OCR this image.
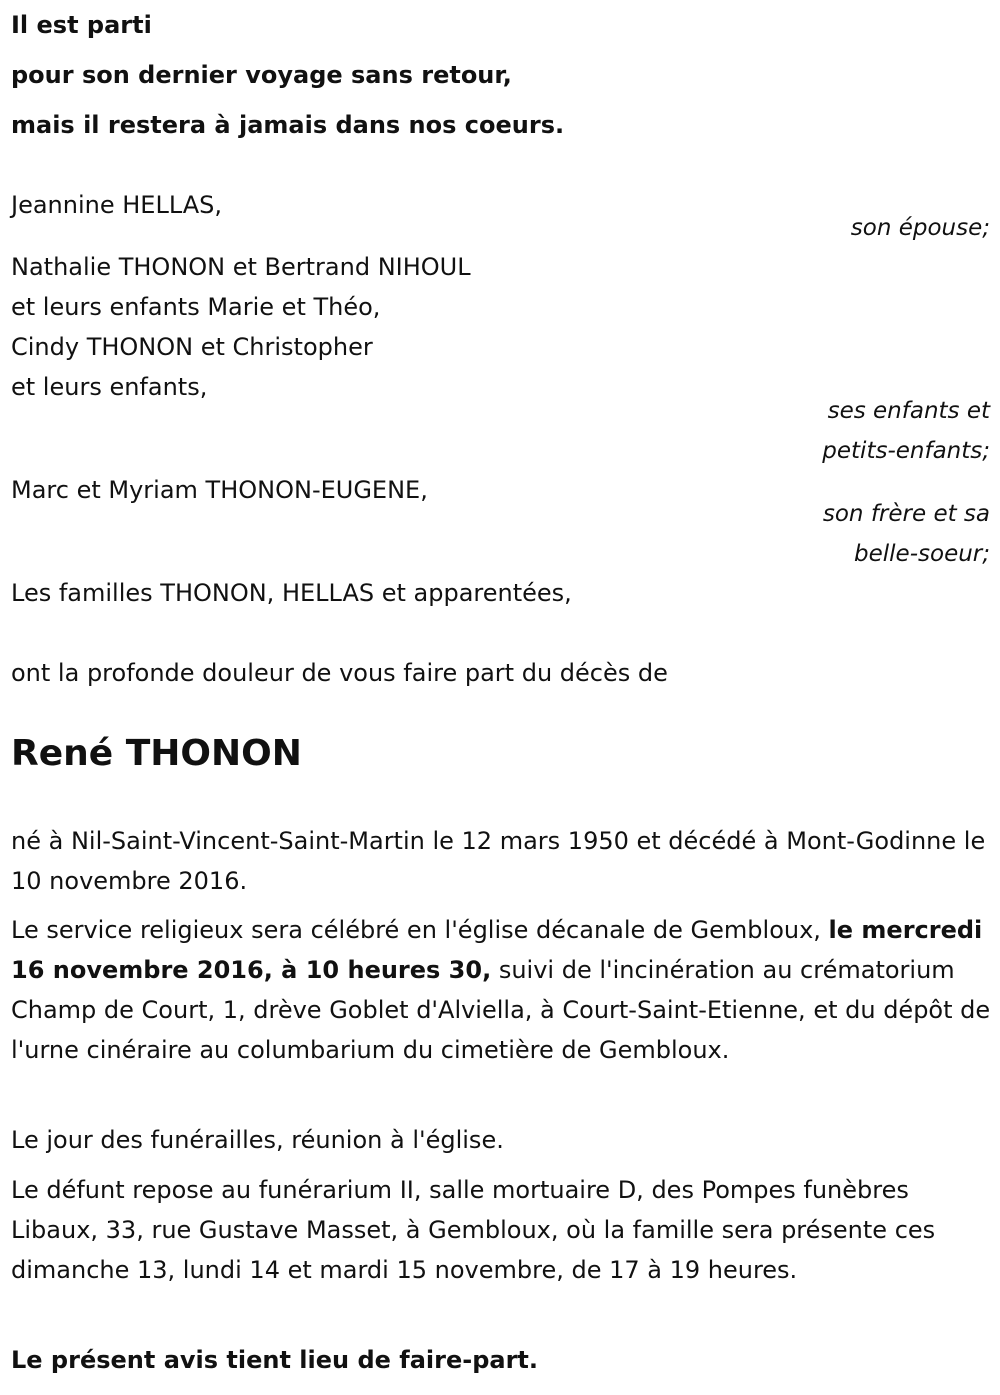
Il est parti

pour son dernier voyage sans retour,

mais il restera à jamais dans nos coeurs.

Jeannine HELLAS,

son épouse;

Nathalie THONON et Bertrand NIHOUL

et leurs enfants Marie et Théo,

Cindy THONON et Christopher

et leurs enfants,

ses enfants et

petits-enfants;

Marc et Myriam THONON-EUGENE,

son frère et sa

belle-soeur;

Les familles THONON, HELLAS et apparentées,

ont la profonde douleur de vous faire part du décès de

René THONON

né à Nil-Saint-Vincent-Saint-Martin le 12 mars 1950 et décédé à Mont-Godinne le 10 novembre 2016.

Le service religieux sera célébré en l'église décanale de Gembloux, le mercredi 16 novembre 2016, à 10 heures 30, suivi de l'incinération au crématorium Champ de Court, 1, drève Goblet d'Alviella, à Court-Saint-Etienne, et du dépôt de l'urne cinéraire au columbarium du cimetière de Gembloux.

Le jour des funérailles, réunion à l'église.

Le défunt repose au funérarium II, salle mortuaire D, des Pompes funèbres Libaux, 33, rue Gustave Masset, à Gembloux, où la famille sera présente ces dimanche 13, lundi 14 et mardi 15 novembre, de 17 à 19 heures.

Le présent avis tient lieu de faire-part.
